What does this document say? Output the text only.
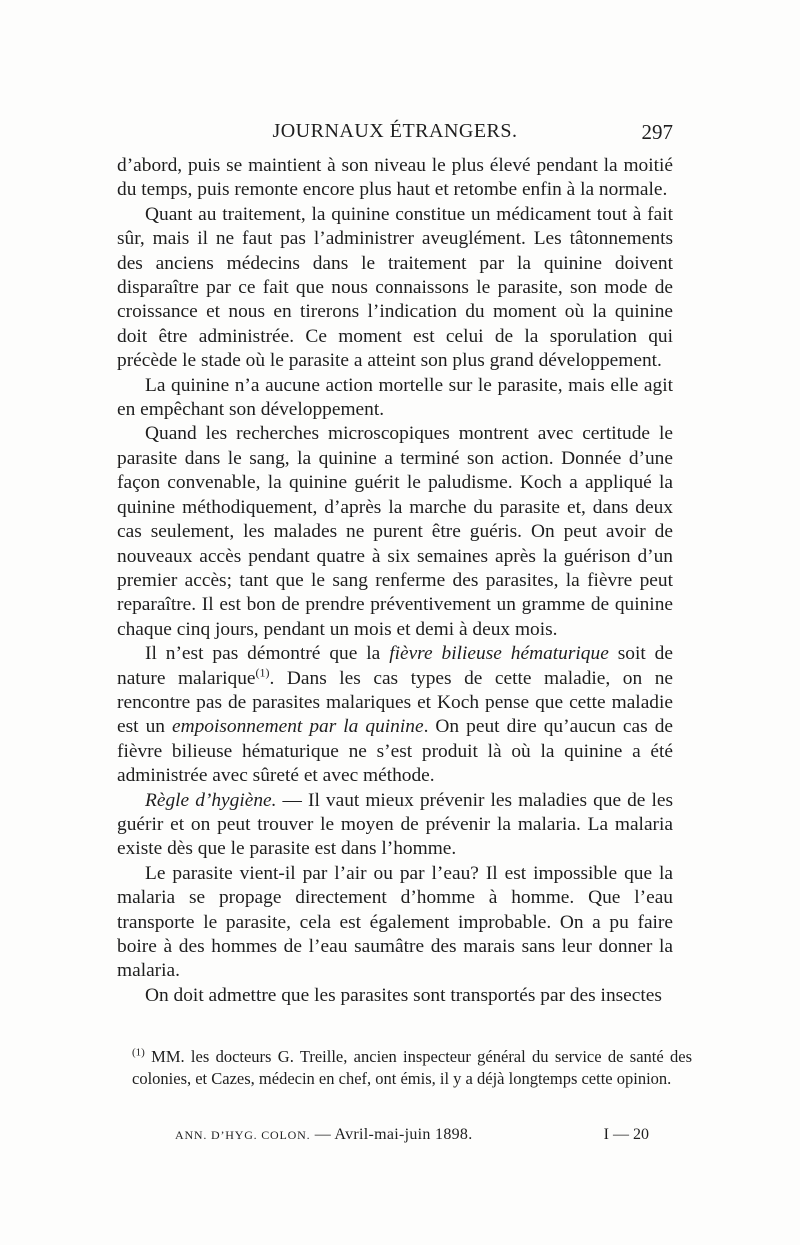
JOURNAUX ÉTRANGERS.	297

d’abord, puis se maintient à son niveau le plus élevé pendant la moitié du temps, puis remonte encore plus haut et retombe enfin à la normale.

Quant au traitement, la quinine constitue un médicament tout à fait sûr, mais il ne faut pas l’administrer aveuglément. Les tâtonnements des anciens médecins dans le traitement par la quinine doivent disparaître par ce fait que nous connaissons le parasite, son mode de croissance et nous en tirerons l’indication du moment où la quinine doit être administrée. Ce moment est celui de la sporulation qui précède le stade où le parasite a atteint son plus grand développement.

La quinine n’a aucune action mortelle sur le parasite, mais elle agit en empêchant son développement.

Quand les recherches microscopiques montrent avec certitude le parasite dans le sang, la quinine a terminé son action. Donnée d’une façon convenable, la quinine guérit le paludisme. Koch a appliqué la quinine méthodiquement, d’après la marche du parasite et, dans deux cas seulement, les malades ne purent être guéris. On peut avoir de nouveaux accès pendant quatre à six semaines après la guérison d’un premier accès; tant que le sang renferme des parasites, la fièvre peut reparaître. Il est bon de prendre préventivement un gramme de quinine chaque cinq jours, pendant un mois et demi à deux mois.

Il n’est pas démontré que la fièvre bilieuse hématurique soit de nature malarique$^{(1)}$. Dans les cas types de cette maladie, on ne rencontre pas de parasites malariques et Koch pense que cette maladie est un empoisonnement par la quinine. On peut dire qu’aucun cas de fièvre bilieuse hématurique ne s’est produit là où la quinine a été administrée avec sûreté et avec méthode.

Règle d’hygiène. — Il vaut mieux prévenir les maladies que de les guérir et on peut trouver le moyen de prévenir la malaria. La malaria existe dès que le parasite est dans l’homme.

Le parasite vient-il par l’air ou par l’eau? Il est impossible que la malaria se propage directement d’homme à homme. Que l’eau transporte le parasite, cela est également improbable. On a pu faire boire à des hommes de l’eau saumâtre des marais sans leur donner la malaria.

On doit admettre que les parasites sont transportés par des insectes

$^{(1)}$ MM. les docteurs G. Treille, ancien inspecteur général du service de santé des colonies, et Cazes, médecin en chef, ont émis, il y a déjà longtemps cette opinion.
ANN. D’HYG. COLON. — Avril-mai-juin 1898.	I — 20
